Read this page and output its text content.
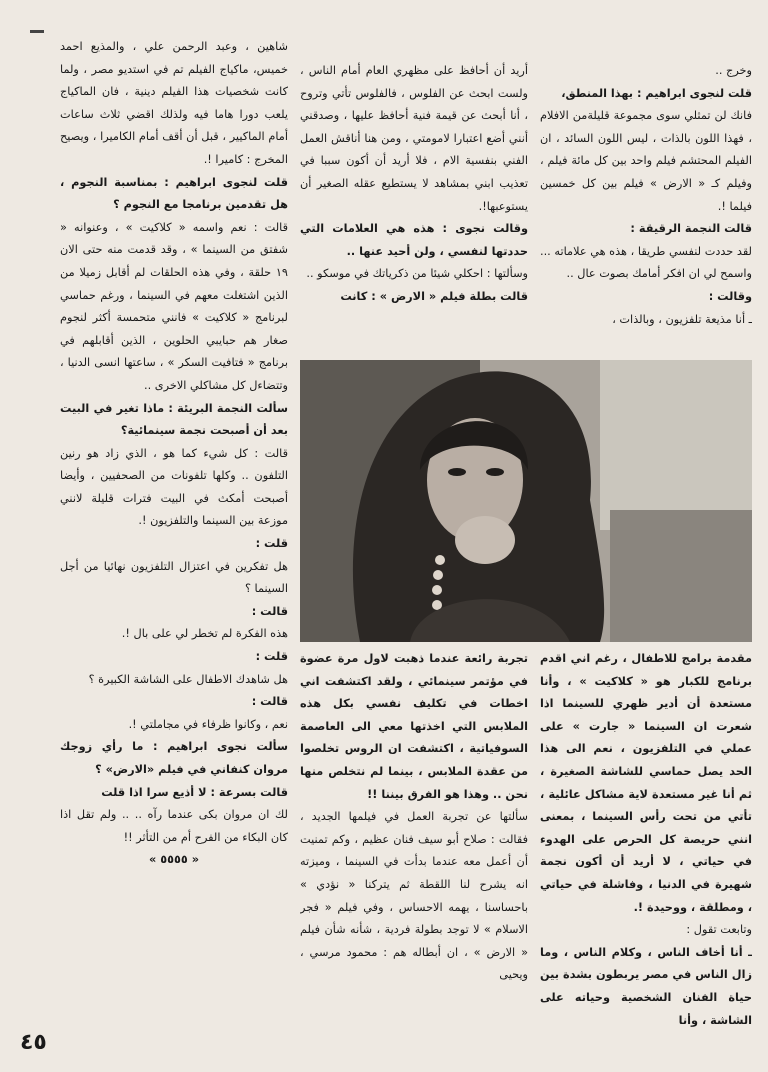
وخرج ..

قلت لنجوى ابراهيم : بهذا المنطق،

فانك لن تمثلي سوى مجموعة قليلةمن الافلام ، فهذا اللون بالذات ، ليس اللون السائد ، ان الفيلم المحتشم فيلم واحد بين كل مائة فيلم ، وفيلم كـ « الارض » فيلم بين كل خمسين فيلما !.

قالت النجمة الرقيقة :

لقد حددت لنفسي طريقا ، هذه هي علاماته ... واسمح لي ان افكر أمامك بصوت عال ..

وقالت :

ـ أنا مذيعة تلفزيون ، وبالذات ،

أريد أن أحافظ على مظهري العام أمام الناس ، ولست ابحث عن الفلوس ، فالفلوس تأتي وتروح ، أنا أبحث عن قيمة فنية أحافظ عليها ، وصدقني أنني أضع اعتبارا لامومتي ، ومن هنا أناقش العمل الفني بنفسية الام ، فلا أريد أن أكون سببا في تعذيب ابني بمشاهد لا يستطيع عقله الصغير أن يستوعبها!.

وقالت نجوى : هذه هي العلامات التي حددتها لنفسي ، ولن أحيد عنها ..

وسألتها : احكلي شيئا من ذكرياتك في موسكو ..

قالت بطلة فيلم « الارض » : كانت

شاهين ، وعبد الرحمن علي ، والمذيع احمد خميس، ماكياج الفيلم تم في استديو مصر ، ولما كانت شخصيات هذا الفيلم دينية ، فان الماكياج يلعب دورا هاما فيه ولذلك اقضي ثلاث ساعات أمام الماكيير ، قبل أن أقف أمام الكاميرا ، ويصيح المخرج : كاميرا !.

قلت لنجوى ابراهيم : بمناسبة النجوم ، هل تقدمين برنامجا مع النجوم ؟

قالت : نعم واسمه « كلاكيت » ، وعنوانه « شفتق من السينما » ، وقد قدمت منه حتى الان ١٩ حلقة ، وفي هذه الحلقات لم أقابل زميلا من الذين اشتغلت معهم في السينما ، ورغم حماسي لبرنامج « كلاكيت » فانني متحمسة أكثر لنجوم صغار هم حبايبي الحلوين ، الذين أقابلهم في برنامج « فتافيت السكر » ، ساعتها انسى الدنيا ، وتتضاءل كل مشاكلي الاخرى ..

سألت النجمة البريئة : ماذا تغير في البيت بعد أن أصبحت نجمة سينمائية؟

قالت : كل شيء كما هو ، الذي زاد هو رنين التلفون .. وكلها تلفونات من الصحفيين ، وأيضا أصبحت أمكث في البيت فترات قليلة لانني موزعة بين السينما والتلفزيون !.

قلت :

هل تفكرين في اعتزال التلفزيون نهائيا من أجل السينما ؟

قالت :

هذه الفكرة لم تخطر لي على بال !.

قلت :

هل شاهدك الاطفال على الشاشة الكبيرة ؟

قالت :

نعم ، وكانوا ظرفاء في مجاملتي !.

سألت نجوى ابراهيم : ما رأي زوجك مروان كنفاني في فيلم «الارض» ؟

قالت بسرعة : لا أذيع سرا اذا قلت

لك ان مروان بكى عندما رآه .. .. ولم تقل اذا كان البكاء من الفرح أم من التأثر !!

« ٥٥٥٥ »

تجربة رائعة عندما ذهبت لاول مرة عضوة في مؤتمر سينمائي ، ولقد اكتشفت اني اخطات في تكليف نفسي بكل هذه الملابس التي اخذتها معي الى العاصمة السوفياتية ، اكتشفت ان الروس تخلصوا من عقدة الملابس ، بينما لم نتخلص منها نحن .. وهذا هو الفرق بيننا !!

سألتها عن تجربة العمل في فيلمها الجديد ، فقالت : صلاح أبو سيف فنان عظيم ، وكم تمنيت أن أعمل معه عندما بدأت في السينما ، وميزته انه يشرح لنا اللقطة ثم يتركنا « نؤدي » باحساسنا ، يهمه الاحساس ، وفي فيلم « فجر الاسلام » لا توجد بطولة فردية ، شأنه شأن فيلم « الارض » ، ان أبطاله هم : محمود مرسي ، ويحيى

مقدمة برامج للاطفال ، رغم اني اقدم برنامج للكبار هو « كلاكيت » ، وأنا مستعدة أن أدير ظهري للسينما اذا شعرت ان السينما « جارت » على عملي في التلفزيون ، نعم الى هذا الحد يصل حماسي للشاشة الصغيرة ، ثم أنا غير مستعدة لاية مشاكل عائلية ، تأتي من تحت رأس السينما ، بمعنى انني حريصة كل الحرص على الهدوء في حياتي ، لا أريد أن أكون نجمة شهيرة في الدنيا ، وفاشلة في حياتي ، ومطلقة ، ووحيدة !.

وتابعت تقول :

ـ أنا أخاف الناس ، وكلام الناس ، وما زال الناس في مصر يربطون بشدة بين حياة الفنان الشخصية وحياته على الشاشة ، وأنا

٤٥
